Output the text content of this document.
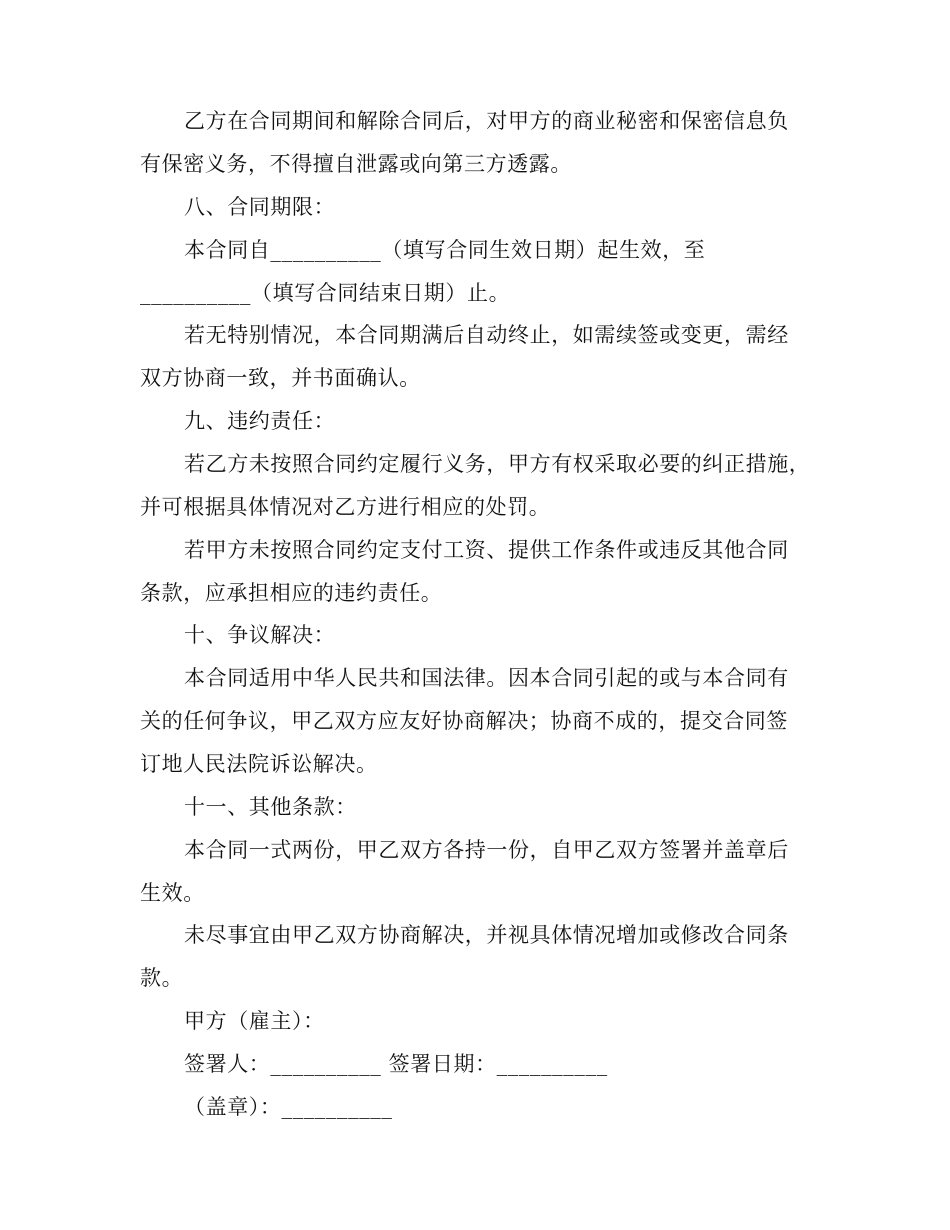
乙方在合同期间和解除合同后，对甲方的商业秘密和保密信息负
有保密义务，不得擅自泄露或向第三方透露。
八、合同期限：
本合同自__________（填写合同生效日期）起生效，至
__________（填写合同结束日期）止。
若无特别情况，本合同期满后自动终止，如需续签或变更，需经
双方协商一致，并书面确认。
九、违约责任：
若乙方未按照合同约定履行义务，甲方有权采取必要的纠正措施，
并可根据具体情况对乙方进行相应的处罚。
若甲方未按照合同约定支付工资、提供工作条件或违反其他合同
条款，应承担相应的违约责任。
十、争议解决：
本合同适用中华人民共和国法律。因本合同引起的或与本合同有
关的任何争议，甲乙双方应友好协商解决；协商不成的，提交合同签
订地人民法院诉讼解决。
十一、其他条款：
本合同一式两份，甲乙双方各持一份，自甲乙双方签署并盖章后
生效。
未尽事宜由甲乙双方协商解决，并视具体情况增加或修改合同条
款。
甲方（雇主）：
签署人：__________ 签署日期：__________
（盖章）：__________
